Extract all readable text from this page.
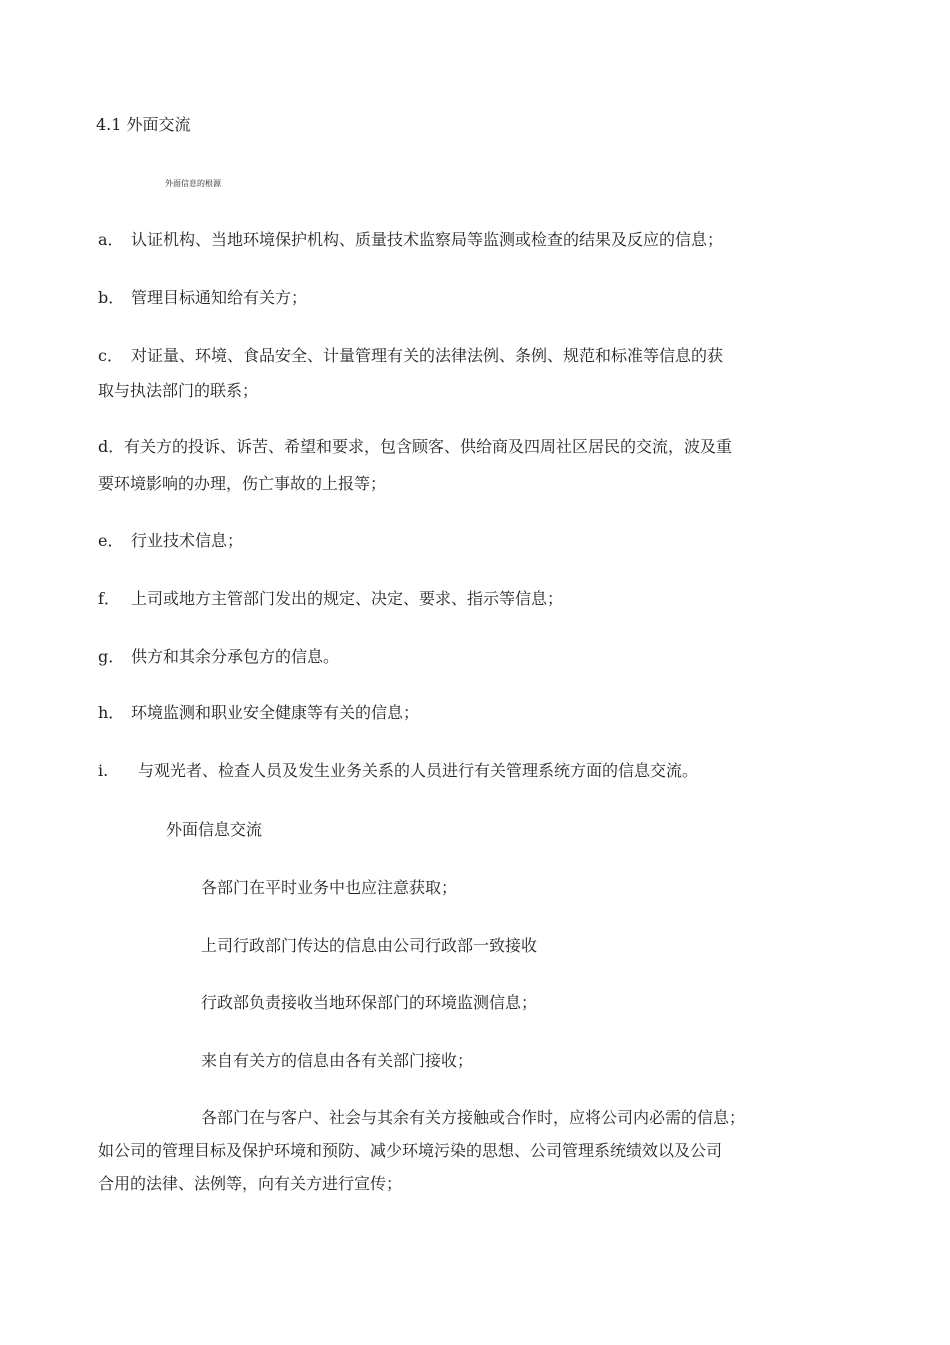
4.1 外面交流
外面信息的根源
a． 认证机构、当地环境保护机构、质量技术监察局等监测或检查的结果及反应的信息；
b． 管理目标通知给有关方；
c． 对证量、环境、食品安全、计量管理有关的法律法例、条例、规范和标准等信息的获
取与执法部门的联系；
d．有关方的投诉、诉苦、希望和要求，包含顾客、供给商及四周社区居民的交流，波及重
要环境影响的办理，伤亡事故的上报等；
e． 行业技术信息；
f． 上司或地方主管部门发出的规定、决定、要求、指示等信息；
g． 供方和其余分承包方的信息。
h． 环境监测和职业安全健康等有关的信息；
i. 与观光者、检查人员及发生业务关系的人员进行有关管理系统方面的信息交流。
外面信息交流
各部门在平时业务中也应注意获取；
上司行政部门传达的信息由公司行政部一致接收
行政部负责接收当地环保部门的环境监测信息；
来自有关方的信息由各有关部门接收；
各部门在与客户、社会与其余有关方接触或合作时，应将公司内必需的信息；
如公司的管理目标及保护环境和预防、减少环境污染的思想、公司管理系统绩效以及公司
合用的法律、法例等，向有关方进行宣传；
